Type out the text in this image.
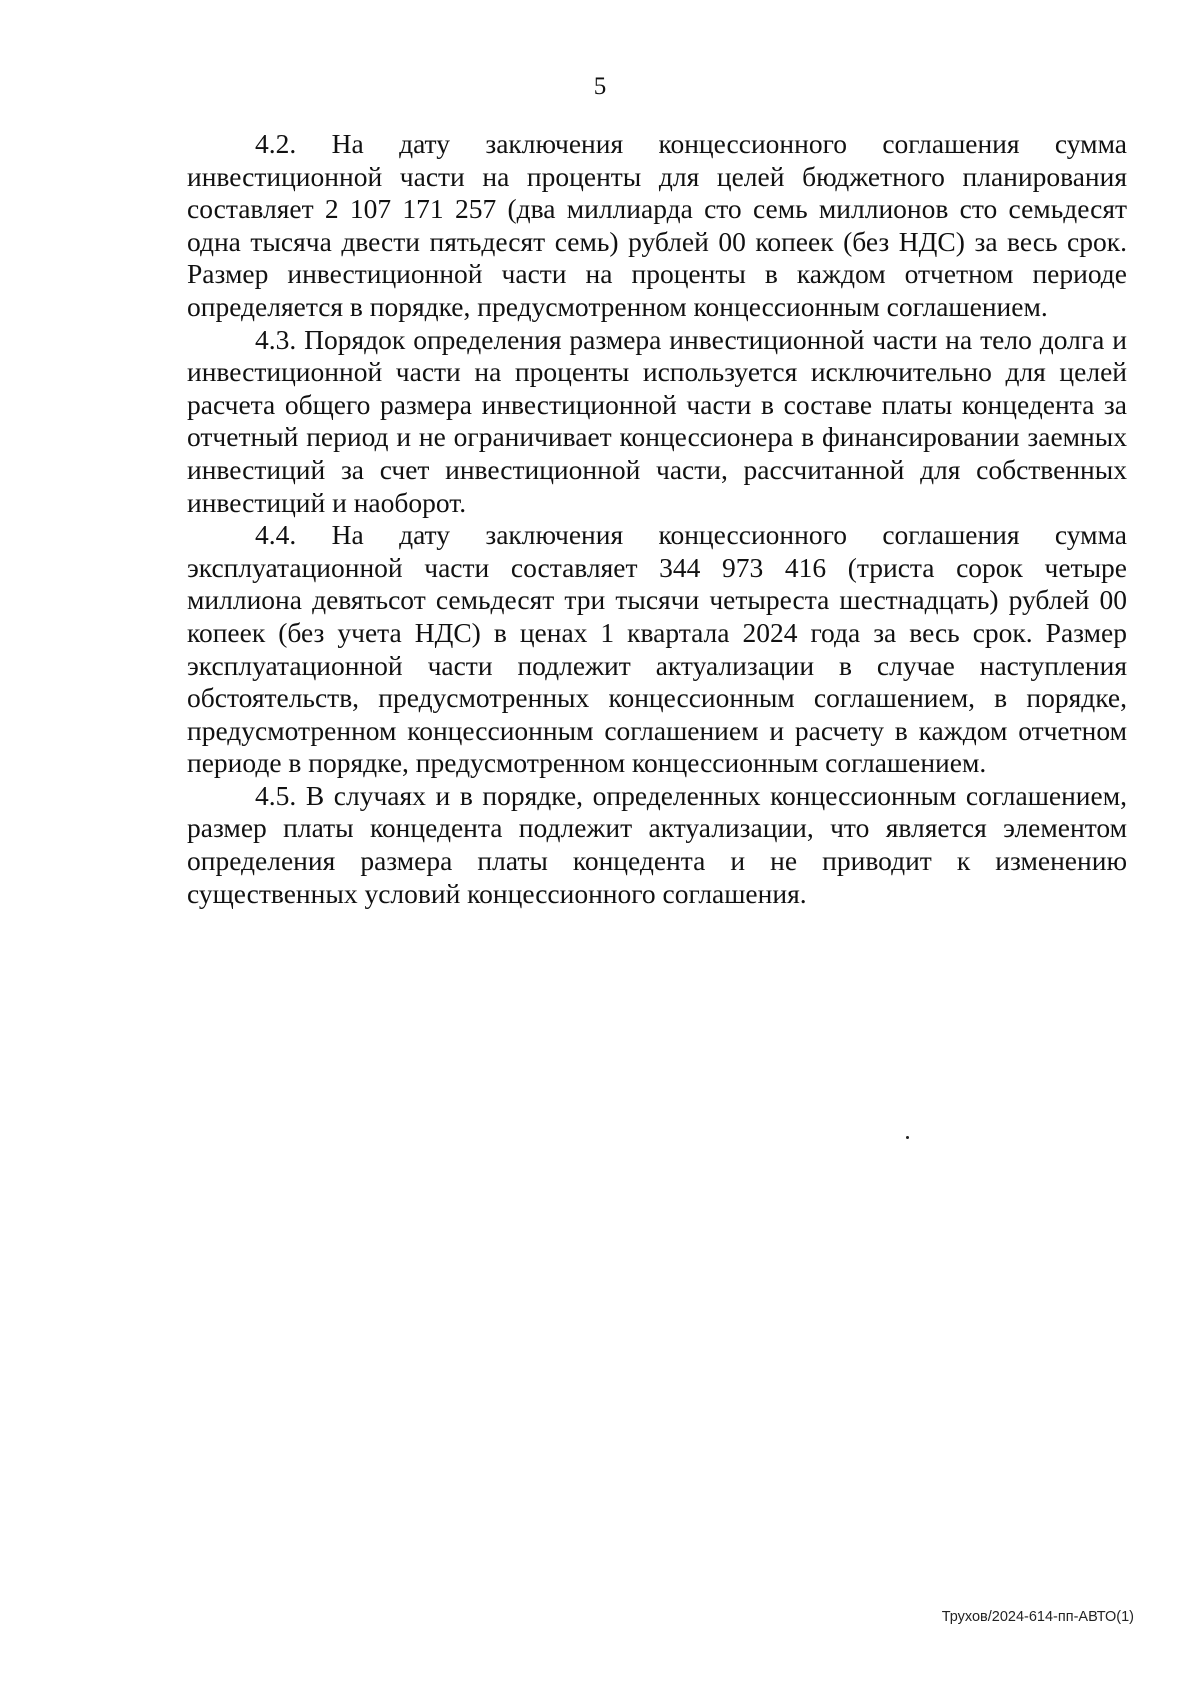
5

4.2. На дату заключения концессионного соглашения сумма инвестиционной части на проценты для целей бюджетного планирования составляет 2 107 171 257 (два миллиарда сто семь миллионов сто семьдесят одна тысяча двести пятьдесят семь) рублей 00 копеек (без НДС) за весь срок. Размер инвестиционной части на проценты в каждом отчетном периоде определяется в порядке, предусмотренном концессионным соглашением.

4.3. Порядок определения размера инвестиционной части на тело долга и инвестиционной части на проценты используется исключительно для целей расчета общего размера инвестиционной части в составе платы концедента за отчетный период и не ограничивает концессионера в финансировании заемных инвестиций за счет инвестиционной части, рассчитанной для собственных инвестиций и наоборот.

4.4. На дату заключения концессионного соглашения сумма эксплуатационной части составляет 344 973 416 (триста сорок четыре миллиона девятьсот семьдесят три тысячи четыреста шестнадцать) рублей 00 копеек (без учета НДС) в ценах 1 квартала 2024 года за весь срок. Размер эксплуатационной части подлежит актуализации в случае наступления обстоятельств, предусмотренных концессионным соглашением, в порядке, предусмотренном концессионным соглашением и расчету в каждом отчетном периоде в порядке, предусмотренном концессионным соглашением.

4.5. В случаях и в порядке, определенных концессионным соглашением, размер платы концедента подлежит актуализации, что является элементом определения размера платы концедента и не приводит к изменению существенных условий концессионного соглашения.

Трухов/2024-614-пп-АВТО(1)
